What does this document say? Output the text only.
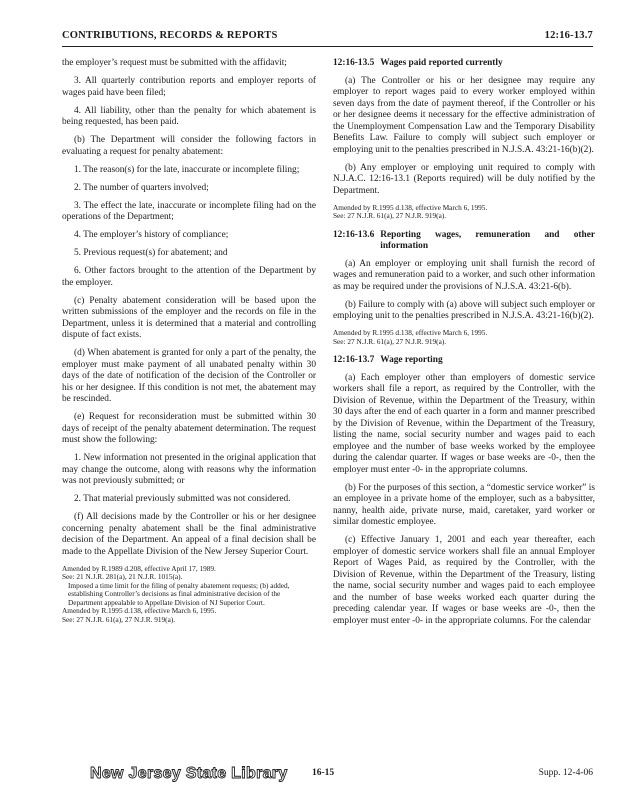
CONTRIBUTIONS, RECORDS & REPORTS	12:16-13.7

the employer’s request must be submitted with the affidavit;

3. All quarterly contribution reports and employer reports of wages paid have been filed;

4. All liability, other than the penalty for which abatement is being requested, has been paid.

(b) The Department will consider the following factors in evaluating a request for penalty abatement:

1. The reason(s) for the late, inaccurate or incomplete filing;

2. The number of quarters involved;

3. The effect the late, inaccurate or incomplete filing had on the operations of the Department;

4. The employer’s history of compliance;

5. Previous request(s) for abatement; and

6. Other factors brought to the attention of the Department by the employer.

(c) Penalty abatement consideration will be based upon the written submissions of the employer and the records on file in the Department, unless it is determined that a material and controlling dispute of fact exists.

(d) When abatement is granted for only a part of the penalty, the employer must make payment of all unabated penalty within 30 days of the date of notification of the decision of the Controller or his or her designee. If this condition is not met, the abatement may be rescinded.

(e) Request for reconsideration must be submitted within 30 days of receipt of the penalty abatement determination. The request must show the following:

1. New information not presented in the original application that may change the outcome, along with reasons why the information was not previously submitted; or

2. That material previously submitted was not considered.

(f) All decisions made by the Controller or his or her designee concerning penalty abatement shall be the final administrative decision of the Department. An appeal of a final decision shall be made to the Appellate Division of the New Jersey Superior Court.

Amended by R.1989 d.208, effective April 17, 1989.
See: 21 N.J.R. 281(a), 21 N.J.R. 1015(a).
Imposed a time limit for the filing of penalty abatement requests; (b) added, establishing Controller’s decisions as final administrative decision of the Department appealable to Appellate Division of NJ Superior Court.
Amended by R.1995 d.138, effective March 6, 1995.
See: 27 N.J.R. 61(a), 27 N.J.R. 919(a).
12:16-13.5 Wages paid reported currently

(a) The Controller or his or her designee may require any employer to report wages paid to every worker employed within seven days from the date of payment thereof, if the Controller or his or her designee deems it necessary for the effective administration of the Unemployment Compensation Law and the Temporary Disability Benefits Law. Failure to comply will subject such employer or employing unit to the penalties prescribed in N.J.S.A. 43:21-16(b)(2).

(b) Any employer or employing unit required to comply with N.J.A.C. 12:16-13.1 (Reports required) will be duly notified by the Department.

Amended by R.1995 d.138, effective March 6, 1995.
See: 27 N.J.R. 61(a), 27 N.J.R. 919(a).
12:16-13.6 Reporting wages, remuneration and other information

(a) An employer or employing unit shall furnish the record of wages and remuneration paid to a worker, and such other information as may be required under the provisions of N.J.S.A. 43:21-6(b).

(b) Failure to comply with (a) above will subject such employer or employing unit to the penalties prescribed in N.J.S.A. 43:21-16(b)(2).

Amended by R.1995 d.138, effective March 6, 1995.
See: 27 N.J.R. 61(a), 27 N.J.R. 919(a).
12:16-13.7 Wage reporting

(a) Each employer other than employers of domestic service workers shall file a report, as required by the Controller, with the Division of Revenue, within the Department of the Treasury, within 30 days after the end of each quarter in a form and manner prescribed by the Division of Revenue, within the Department of the Treasury, listing the name, social security number and wages paid to each employee and the number of base weeks worked by the employee during the calendar quarter. If wages or base weeks are -0-, then the employer must enter -0- in the appropriate columns.

(b) For the purposes of this section, a “domestic service worker” is an employee in a private home of the employer, such as a babysitter, nanny, health aide, private nurse, maid, caretaker, yard worker or similar domestic employee.

(c) Effective January 1, 2001 and each year thereafter, each employer of domestic service workers shall file an annual Employer Report of Wages Paid, as required by the Controller, with the Division of Revenue, within the Department of the Treasury, listing the name, social security number and wages paid to each employee and the number of base weeks worked each quarter during the preceding calendar year. If wages or base weeks are -0-, then the employer must enter -0- in the appropriate columns. For the calendar

New Jersey State Library	16-15	Supp. 12-4-06
